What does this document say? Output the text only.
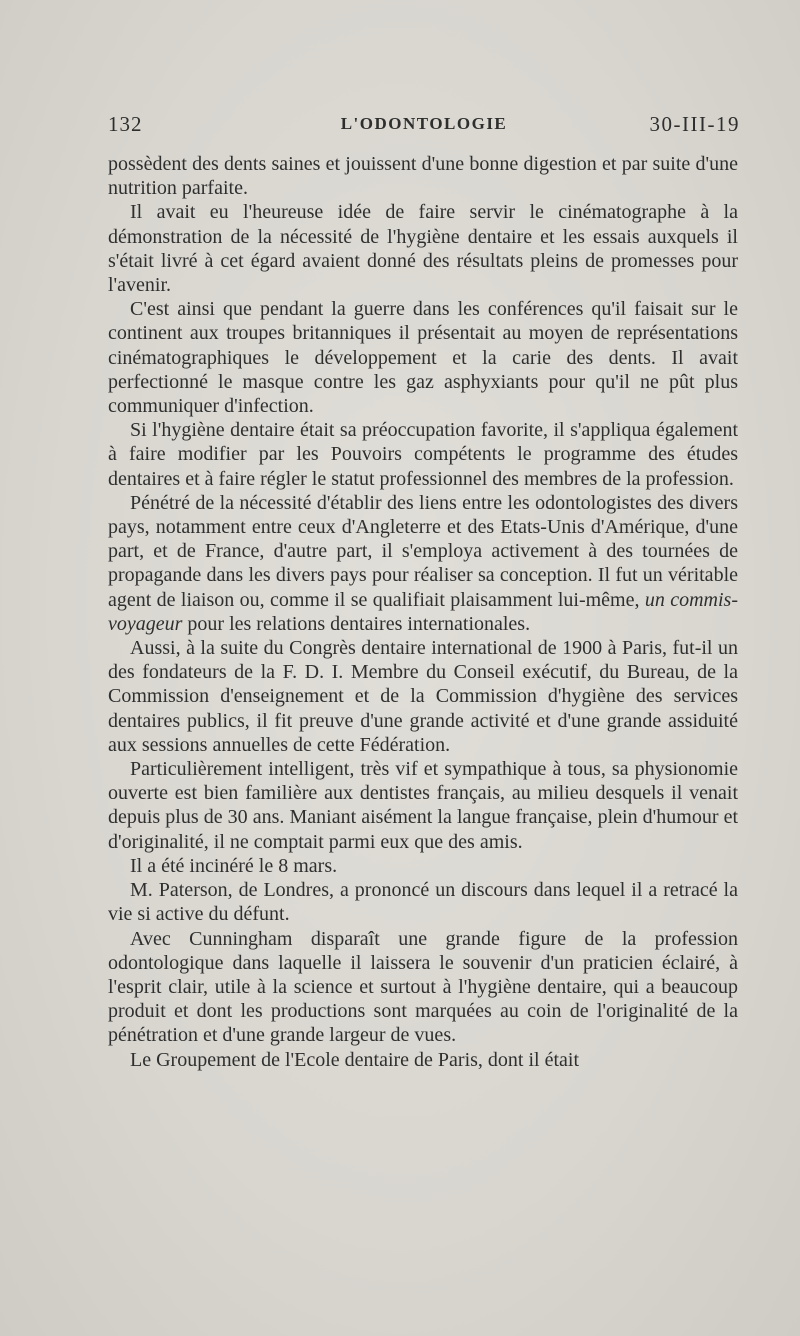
132	L'ODONTOLOGIE	30-III-19

possèdent des dents saines et jouissent d'une bonne digestion et par suite d'une nutrition parfaite.

Il avait eu l'heureuse idée de faire servir le cinématographe à la démonstration de la nécessité de l'hygiène dentaire et les essais auxquels il s'était livré à cet égard avaient donné des résultats pleins de promesses pour l'avenir.

C'est ainsi que pendant la guerre dans les conférences qu'il faisait sur le continent aux troupes britanniques il présentait au moyen de représentations cinématographiques le développement et la carie des dents. Il avait perfectionné le masque contre les gaz asphyxiants pour qu'il ne pût plus communiquer d'infection.

Si l'hygiène dentaire était sa préoccupation favorite, il s'appliqua également à faire modifier par les Pouvoirs compétents le programme des études dentaires et à faire régler le statut professionnel des membres de la profession.

Pénétré de la nécessité d'établir des liens entre les odontologistes des divers pays, notamment entre ceux d'Angleterre et des Etats-Unis d'Amérique, d'une part, et de France, d'autre part, il s'employa activement à des tournées de propagande dans les divers pays pour réaliser sa conception. Il fut un véritable agent de liaison ou, comme il se qualifiait plaisamment lui-même, un commis-voyageur pour les relations dentaires internationales.

Aussi, à la suite du Congrès dentaire international de 1900 à Paris, fut-il un des fondateurs de la F. D. I. Membre du Conseil exécutif, du Bureau, de la Commission d'enseignement et de la Commission d'hygiène des services dentaires publics, il fit preuve d'une grande activité et d'une grande assiduité aux sessions annuelles de cette Fédération.

Particulièrement intelligent, très vif et sympathique à tous, sa physionomie ouverte est bien familière aux dentistes français, au milieu desquels il venait depuis plus de 30 ans. Maniant aisément la langue française, plein d'humour et d'originalité, il ne comptait parmi eux que des amis.

Il a été incinéré le 8 mars.

M. Paterson, de Londres, a prononcé un discours dans lequel il a retracé la vie si active du défunt.

Avec Cunningham disparaît une grande figure de la profession odontologique dans laquelle il laissera le souvenir d'un praticien éclairé, à l'esprit clair, utile à la science et surtout à l'hygiène dentaire, qui a beaucoup produit et dont les productions sont marquées au coin de l'originalité de la pénétration et d'une grande largeur de vues.

Le Groupement de l'Ecole dentaire de Paris, dont il était
